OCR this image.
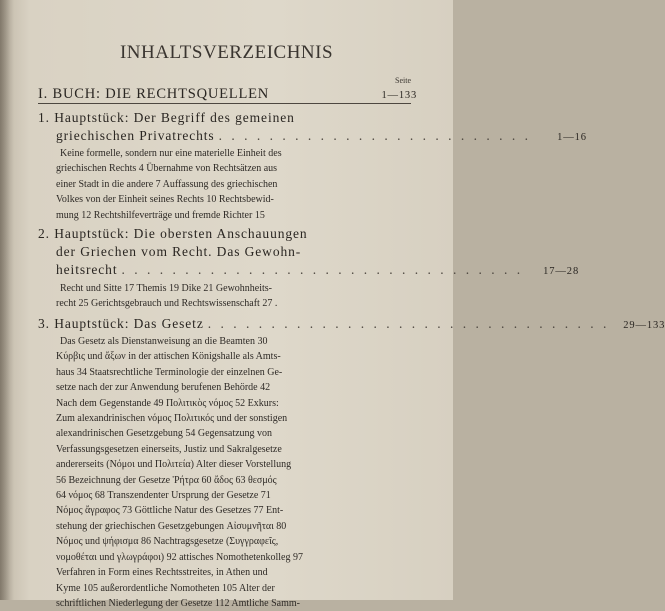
INHALTSVERZEICHNIS
Seite
I. BUCH: DIE RECHTSQUELLEN	1—133
1. Hauptstück: Der Begriff des gemeinen
griechischen Privatrechts . . . . . . . . . . . . . . . . . . . . . . . . .	1—16
Keine formelle, sondern nur eine materielle Einheit des
griechischen Rechts 4 Übernahme von Rechtsätzen aus
einer Stadt in die andere 7 Auffassung des griechischen
Volkes von der Einheit seines Rechts 10 Rechtsbewid-
mung 12 Rechtshilfeverträge und fremde Richter 15
2. Hauptstück: Die obersten Anschauungen
der Griechen vom Recht. Das Gewohn-
heitsrecht . . . . . . . . . . . . . . . . . . . . . . . . . . . . . . . .	17—28
Recht und Sitte 17 Themis 19 Dike 21 Gewohnheits-
recht 25 Gerichtsgebrauch und Rechtswissenschaft 27 .
3. Hauptstück: Das Gesetz . . . . . . . . . . . . . . . . . . . . . . . . . . . . . . . .	29—133
Das Gesetz als Dienstanweisung an die Beamten 30
Κύρβις und ἄξων in der attischen Königshalle als Amts-
haus 34 Staatsrechtliche Terminologie der einzelnen Ge-
setze nach der zur Anwendung berufenen Behörde 42
Nach dem Gegenstande 49 Πολιτικὸς νόμος 52 Exkurs:
Zum alexandrinischen νόμος Πολιτικός und der sonstigen
alexandrinischen Gesetzgebung 54 Gegensatzung von
Verfassungsgesetzen einerseits, Justiz und Sakralgesetze
andererseits (Νόμοι und Πολιτεία) Alter dieser Vorstellung
56 Bezeichnung der Gesetze Ῥήτρα 60 ἄδος 63 θεσμός
64 νόμος 68 Transzendenter Ursprung der Gesetze 71
Νόμος ἄγραφος 73 Göttliche Natur des Gesetzes 77 Ent-
stehung der griechischen Gesetzgebungen Αἰσυμνῆται 80
Νόμος und ψήφισμα 86 Nachtragsgesetze (Συγγραφεῖς,
νομοθέται und γλωγράφοι) 92 attisches Nomothetenkolleg 97
Verfahren in Form eines Rechtsstreites, in Athen und
Kyme 105 außerordentliche Nomotheten 105 Alter der
schriftlichen Niederlegung der Gesetze 112 Amtliche Samm-
